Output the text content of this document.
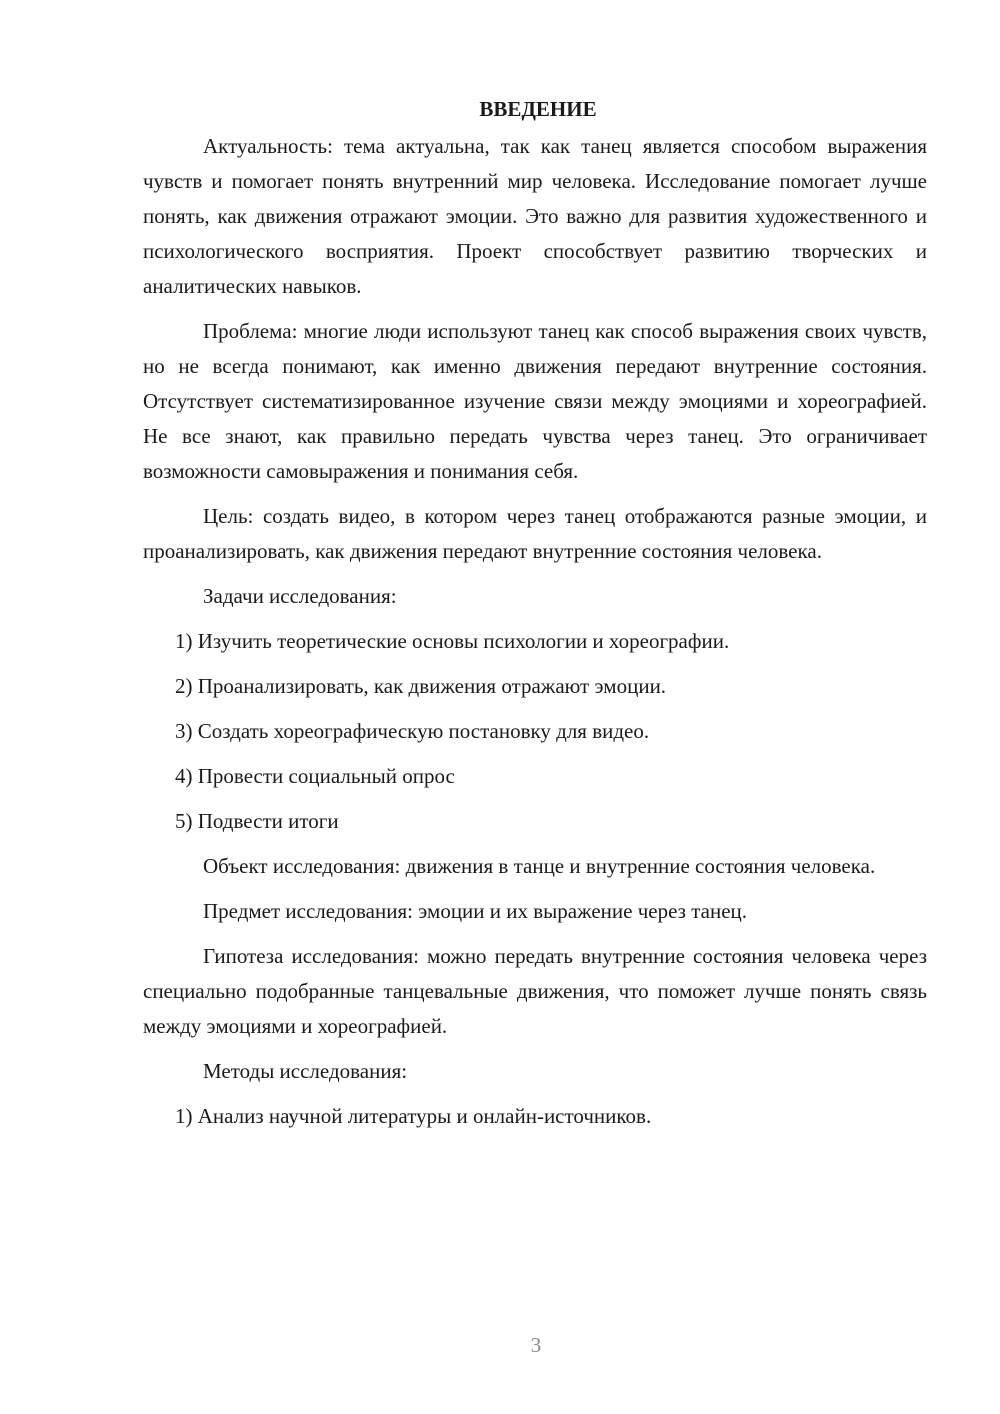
ВВЕДЕНИЕ

Актуальность: тема актуальна, так как танец является способом выражения чувств и помогает понять внутренний мир человека. Исследование помогает лучше понять, как движения отражают эмоции. Это важно для развития художественного и психологического восприятия. Проект способствует развитию творческих и аналитических навыков.

Проблема: многие люди используют танец как способ выражения своих чувств, но не всегда понимают, как именно движения передают внутренние состояния. Отсутствует систематизированное изучение связи между эмоциями и хореографией. Не все знают, как правильно передать чувства через танец. Это ограничивает возможности самовыражения и понимания себя.

Цель: создать видео, в котором через танец отображаются разные эмоции, и проанализировать, как движения передают внутренние состояния человека.

Задачи исследования:

1) Изучить теоретические основы психологии и хореографии.
2) Проанализировать, как движения отражают эмоции.
3) Создать хореографическую постановку для видео.
4) Провести социальный опрос
5) Подвести итоги

Объект исследования: движения в танце и внутренние состояния человека.

Предмет исследования: эмоции и их выражение через танец.

Гипотеза исследования: можно передать внутренние состояния человека через специально подобранные танцевальные движения, что поможет лучше понять связь между эмоциями и хореографией.

Методы исследования:

1) Анализ научной литературы и онлайн-источников.
3
